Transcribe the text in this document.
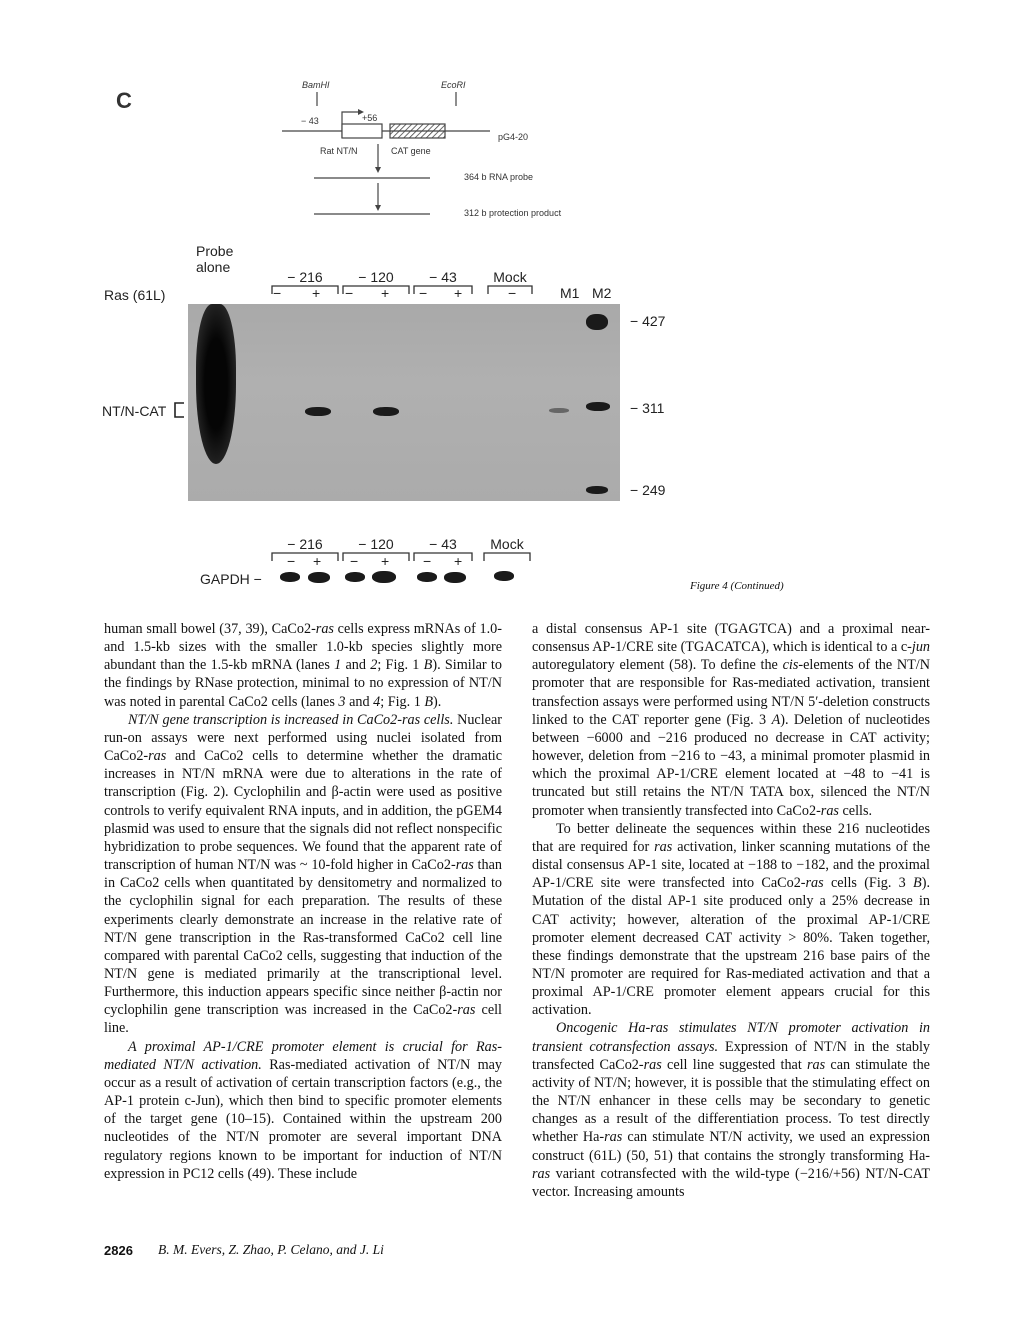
C
BamHI	EcoRI
− 43	+56
Rat NT/N	CAT gene
pG4-20
364 b RNA probe
312 b protection product
Probe alone
Ras (61L)
− 216	− 120	− 43	Mock
− + − + − +	−	M1 M2
NT/N-CAT
− 427
− 311
− 249
− 216	− 120	− 43	Mock
− + − + − +
GAPDH −	Figure 4 (Continued)

human small bowel (37, 39), CaCo2-ras cells express mRNAs of 1.0- and 1.5-kb sizes with the smaller 1.0-kb species slightly more abundant than the 1.5-kb mRNA (lanes 1 and 2; Fig. 1 B). Similar to the findings by RNase protection, minimal to no expression of NT/N was noted in parental CaCo2 cells (lanes 3 and 4; Fig. 1 B).

NT/N gene transcription is increased in CaCo2-ras cells. Nuclear run-on assays were next performed using nuclei isolated from CaCo2-ras and CaCo2 cells to determine whether the dramatic increases in NT/N mRNA were due to alterations in the rate of transcription (Fig. 2). Cyclophilin and β-actin were used as positive controls to verify equivalent RNA inputs, and in addition, the pGEM4 plasmid was used to ensure that the signals did not reflect nonspecific hybridization to probe sequences. We found that the apparent rate of transcription of human NT/N was ~ 10-fold higher in CaCo2-ras than in CaCo2 cells when quantitated by densitometry and normalized to the cyclophilin signal for each preparation. The results of these experiments clearly demonstrate an increase in the relative rate of NT/N gene transcription in the Ras-transformed CaCo2 cell line compared with parental CaCo2 cells, suggesting that induction of the NT/N gene is mediated primarily at the transcriptional level. Furthermore, this induction appears specific since neither β-actin nor cyclophilin gene transcription was increased in the CaCo2-ras cell line.

A proximal AP-1/CRE promoter element is crucial for Ras-mediated NT/N activation. Ras-mediated activation of NT/N may occur as a result of activation of certain transcription factors (e.g., the AP-1 protein c-Jun), which then bind to specific promoter elements of the target gene (10–15). Contained within the upstream 200 nucleotides of the NT/N promoter are several important DNA regulatory regions known to be important for induction of NT/N expression in PC12 cells (49). These include

a distal consensus AP-1 site (TGAGTCA) and a proximal near-consensus AP-1/CRE site (TGACATCA), which is identical to a c-jun autoregulatory element (58). To define the cis-elements of the NT/N promoter that are responsible for Ras-mediated activation, transient transfection assays were performed using NT/N 5′-deletion constructs linked to the CAT reporter gene (Fig. 3 A). Deletion of nucleotides between −6000 and −216 produced no decrease in CAT activity; however, deletion from −216 to −43, a minimal promoter plasmid in which the proximal AP-1/CRE element located at −48 to −41 is truncated but still retains the NT/N TATA box, silenced the NT/N promoter when transiently transfected into CaCo2-ras cells.

To better delineate the sequences within these 216 nucleotides that are required for ras activation, linker scanning mutations of the distal consensus AP-1 site, located at −188 to −182, and the proximal AP-1/CRE site were transfected into CaCo2-ras cells (Fig. 3 B). Mutation of the distal AP-1 site produced only a 25% decrease in CAT activity; however, alteration of the proximal AP-1/CRE promoter element decreased CAT activity > 80%. Taken together, these findings demonstrate that the upstream 216 base pairs of the NT/N promoter are required for Ras-mediated activation and that a proximal AP-1/CRE promoter element appears crucial for this activation.

Oncogenic Ha-ras stimulates NT/N promoter activation in transient cotransfection assays. Expression of NT/N in the stably transfected CaCo2-ras cell line suggested that ras can stimulate the activity of NT/N; however, it is possible that the stimulating effect on the NT/N enhancer in these cells may be secondary to genetic changes as a result of the differentiation process. To test directly whether Ha-ras can stimulate NT/N activity, we used an expression construct (61L) (50, 51) that contains the strongly transforming Ha-ras variant cotransfected with the wild-type (−216/+56) NT/N-CAT vector. Increasing amounts

2826 B. M. Evers, Z. Zhao, P. Celano, and J. Li
